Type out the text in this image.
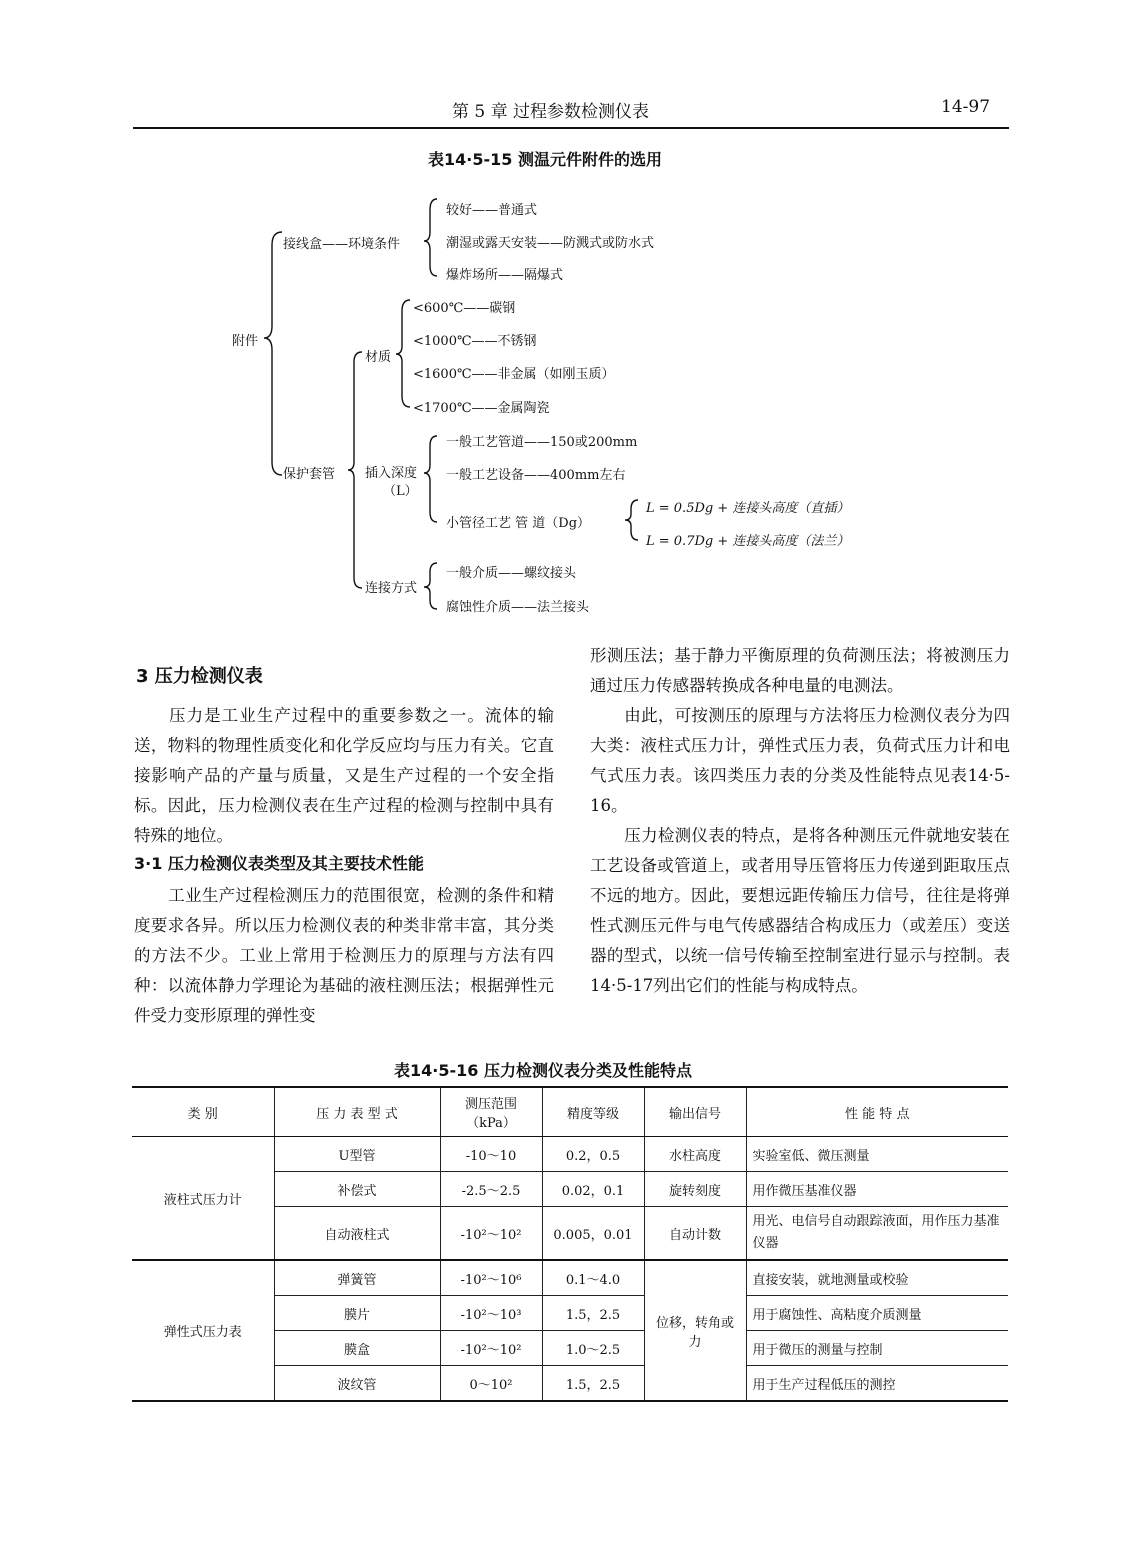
第 5 章 过程参数检测仪表	14-97
表14·5-15 测温元件附件的选用
附件
接线盒——环境条件
较好——普通式
潮湿或露天安装——防溅式或防水式
爆炸场所——隔爆式
保护套管
材质
<600℃——碳钢
<1000℃——不锈钢
<1600℃——非金属（如刚玉质）
<1700℃——金属陶瓷
插入深度
（L）
一般工艺管道——150或200mm
一般工艺设备——400mm左右
小管径工艺 管 道（Dg）
L = 0.5Dg + 连接头高度（直插）
L = 0.7Dg + 连接头高度（法兰）
连接方式
一般介质——螺纹接头
腐蚀性介质——法兰接头
3 压力检测仪表
压力是工业生产过程中的重要参数之一。流体的输送，物料的物理性质变化和化学反应均与压力有关。它直接影响产品的产量与质量，又是生产过程的一个安全指标。因此，压力检测仪表在生产过程的检测与控制中具有特殊的地位。
3·1 压力检测仪表类型及其主要技术性能
工业生产过程检测压力的范围很宽，检测的条件和精度要求各异。所以压力检测仪表的种类非常丰富，其分类的方法不少。工业上常用于检测压力的原理与方法有四种：以流体静力学理论为基础的液柱测压法；根据弹性元件受力变形原理的弹性变
形测压法；基于静力平衡原理的负荷测压法；将被测压力通过压力传感器转换成各种电量的电测法。
由此，可按测压的原理与方法将压力检测仪表分为四大类：液柱式压力计，弹性式压力表，负荷式压力计和电气式压力表。该四类压力表的分类及性能特点见表14·5-16。
压力检测仪表的特点，是将各种测压元件就地安装在工艺设备或管道上，或者用导压管将压力传递到距取压点不远的地方。因此，要想远距传输压力信号，往往是将弹性式测压元件与电气传感器结合构成压力（或差压）变送器的型式，以统一信号传输至控制室进行显示与控制。表14·5-17列出它们的性能与构成特点。
表14·5-16 压力检测仪表分类及性能特点
类 别	压 力 表 型 式	测压范围
（kPa）	精度等级	输出信号	性 能 特 点
液柱式压力计	U型管	-10～10	0.2，0.5	水柱高度	实验室低、微压测量
	补偿式	-2.5～2.5	0.02，0.1	旋转刻度	用作微压基准仪器
	自动液柱式	-10²～10²	0.005，0.01	自动计数	用光、电信号自动跟踪液面，用作压力基准仪器
弹性式压力表	弹簧管	-10²～10⁶	0.1～4.0	位移，转角或力	直接安装，就地测量或校验
	膜片	-10²～10³	1.5，2.5		用于腐蚀性、高粘度介质测量
	膜盒	-10²～10²	1.0～2.5		用于微压的测量与控制
	波纹管	0～10²	1.5，2.5		用于生产过程低压的测控
